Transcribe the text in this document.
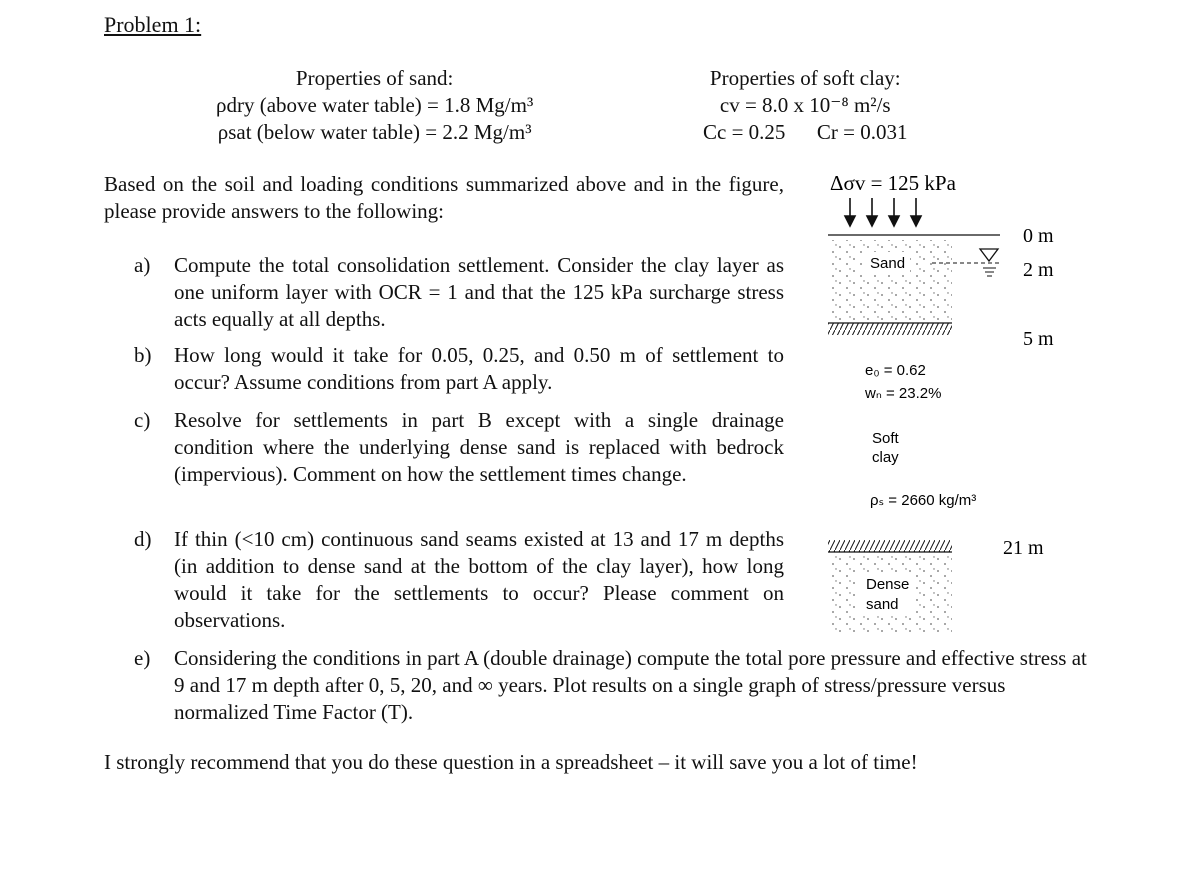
Problem 1:
Properties of sand:
ρdry (above water table) = 1.8 Mg/m³
ρsat (below water table) = 2.2 Mg/m³
Properties of soft clay:
cv = 8.0 x 10⁻⁸ m²/s
Cc = 0.25 Cr = 0.031
Based on the soil and loading conditions summarized above and in the figure, please provide answers to the following:
a) Compute the total consolidation settlement. Consider the clay layer as one uniform layer with OCR = 1 and that the 125 kPa surcharge stress acts equally at all depths.
b) How long would it take for 0.05, 0.25, and 0.50 m of settlement to occur? Assume conditions from part A apply.
c) Resolve for settlements in part B except with a single drainage condition where the underlying dense sand is replaced with bedrock (impervious). Comment on how the settlement times change.
d) If thin (<10 cm) continuous sand seams existed at 13 and 17 m depths (in addition to dense sand at the bottom of the clay layer), how long would it take for the settlements to occur? Please comment on observations.
e) Considering the conditions in part A (double drainage) compute the total pore pressure and effective stress at 9 and 17 m depth after 0, 5, 20, and ∞ years. Plot results on a single graph of stress/pressure versus normalized Time Factor (T).
I strongly recommend that you do these question in a spreadsheet – it will save you a lot of time!
Δσv = 125 kPa
Sand
0 m
2 m
5 m
e₀ = 0.62
wₙ = 23.2%
Soft
clay
ρₛ = 2660 kg/m³
21 m
Dense
sand
